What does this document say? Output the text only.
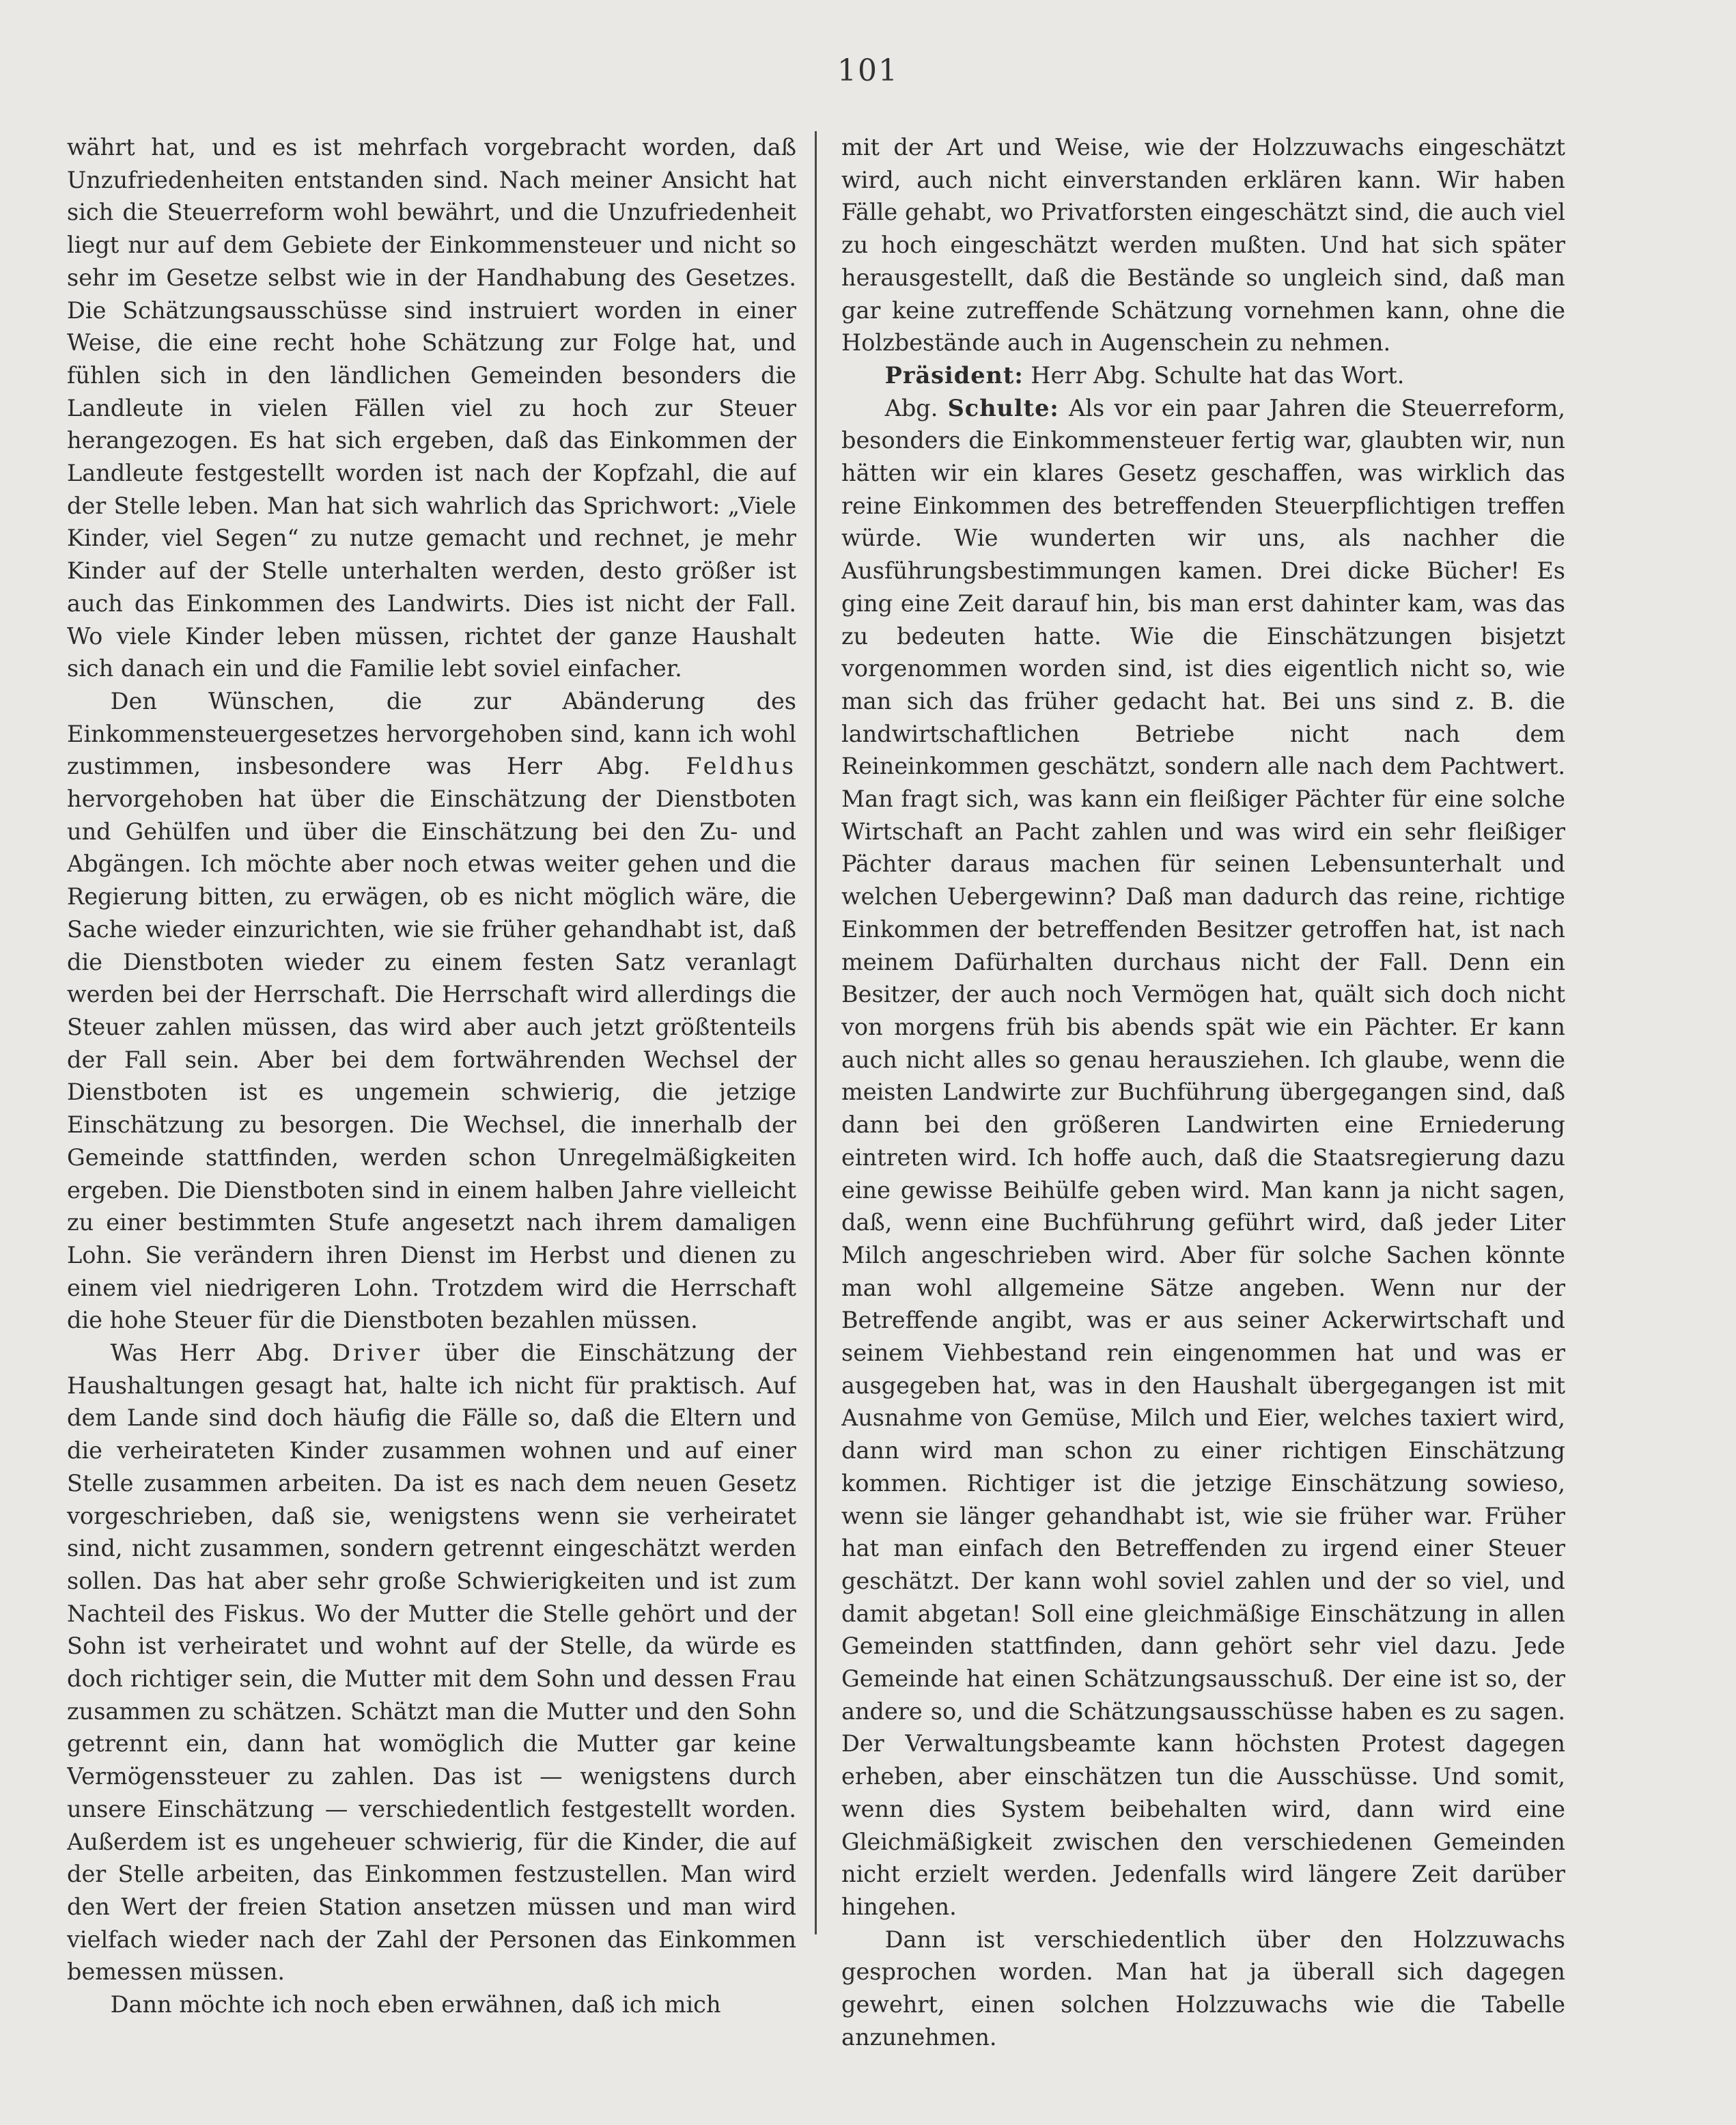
101

währt hat, und es ist mehrfach vorgebracht worden, daß Unzufriedenheiten entstanden sind. Nach meiner Ansicht hat sich die Steuerreform wohl bewährt, und die Unzufriedenheit liegt nur auf dem Gebiete der Einkommensteuer und nicht so sehr im Gesetze selbst wie in der Handhabung des Gesetzes. Die Schätzungsausschüsse sind instruiert worden in einer Weise, die eine recht hohe Schätzung zur Folge hat, und fühlen sich in den ländlichen Gemeinden besonders die Landleute in vielen Fällen viel zu hoch zur Steuer herangezogen. Es hat sich ergeben, daß das Einkommen der Landleute festgestellt worden ist nach der Kopfzahl, die auf der Stelle leben. Man hat sich wahrlich das Sprichwort: „Viele Kinder, viel Segen“ zu nutze gemacht und rechnet, je mehr Kinder auf der Stelle unterhalten werden, desto größer ist auch das Einkommen des Landwirts. Dies ist nicht der Fall. Wo viele Kinder leben müssen, richtet der ganze Haushalt sich danach ein und die Familie lebt soviel einfacher.

Den Wünschen, die zur Abänderung des Einkommensteuergesetzes hervorgehoben sind, kann ich wohl zustimmen, insbesondere was Herr Abg. Feldhus hervorgehoben hat über die Einschätzung der Dienstboten und Gehülfen und über die Einschätzung bei den Zu- und Abgängen. Ich möchte aber noch etwas weiter gehen und die Regierung bitten, zu erwägen, ob es nicht möglich wäre, die Sache wieder einzurichten, wie sie früher gehandhabt ist, daß die Dienstboten wieder zu einem festen Satz veranlagt werden bei der Herrschaft. Die Herrschaft wird allerdings die Steuer zahlen müssen, das wird aber auch jetzt größtenteils der Fall sein. Aber bei dem fortwährenden Wechsel der Dienstboten ist es ungemein schwierig, die jetzige Einschätzung zu besorgen. Die Wechsel, die innerhalb der Gemeinde stattfinden, werden schon Unregelmäßigkeiten ergeben. Die Dienstboten sind in einem halben Jahre vielleicht zu einer bestimmten Stufe angesetzt nach ihrem damaligen Lohn. Sie verändern ihren Dienst im Herbst und dienen zu einem viel niedrigeren Lohn. Trotzdem wird die Herrschaft die hohe Steuer für die Dienstboten bezahlen müssen.

Was Herr Abg. Driver über die Einschätzung der Haushaltungen gesagt hat, halte ich nicht für praktisch. Auf dem Lande sind doch häufig die Fälle so, daß die Eltern und die verheirateten Kinder zusammen wohnen und auf einer Stelle zusammen arbeiten. Da ist es nach dem neuen Gesetz vorgeschrieben, daß sie, wenigstens wenn sie verheiratet sind, nicht zusammen, sondern getrennt eingeschätzt werden sollen. Das hat aber sehr große Schwierigkeiten und ist zum Nachteil des Fiskus. Wo der Mutter die Stelle gehört und der Sohn ist verheiratet und wohnt auf der Stelle, da würde es doch richtiger sein, die Mutter mit dem Sohn und dessen Frau zusammen zu schätzen. Schätzt man die Mutter und den Sohn getrennt ein, dann hat womöglich die Mutter gar keine Vermögenssteuer zu zahlen. Das ist — wenigstens durch unsere Einschätzung — verschiedentlich festgestellt worden. Außerdem ist es ungeheuer schwierig, für die Kinder, die auf der Stelle arbeiten, das Einkommen festzustellen. Man wird den Wert der freien Station ansetzen müssen und man wird vielfach wieder nach der Zahl der Personen das Einkommen bemessen müssen.

Dann möchte ich noch eben erwähnen, daß ich mich

mit der Art und Weise, wie der Holzzuwachs eingeschätzt wird, auch nicht einverstanden erklären kann. Wir haben Fälle gehabt, wo Privatforsten eingeschätzt sind, die auch viel zu hoch eingeschätzt werden mußten. Und hat sich später herausgestellt, daß die Bestände so ungleich sind, daß man gar keine zutreffende Schätzung vornehmen kann, ohne die Holzbestände auch in Augenschein zu nehmen.

Präsident: Herr Abg. Schulte hat das Wort.

Abg. Schulte: Als vor ein paar Jahren die Steuerreform, besonders die Einkommensteuer fertig war, glaubten wir, nun hätten wir ein klares Gesetz geschaffen, was wirklich das reine Einkommen des betreffenden Steuerpflichtigen treffen würde. Wie wunderten wir uns, als nachher die Ausführungsbestimmungen kamen. Drei dicke Bücher! Es ging eine Zeit darauf hin, bis man erst dahinter kam, was das zu bedeuten hatte. Wie die Einschätzungen bisjetzt vorgenommen worden sind, ist dies eigentlich nicht so, wie man sich das früher gedacht hat. Bei uns sind z. B. die landwirtschaftlichen Betriebe nicht nach dem Reineinkommen geschätzt, sondern alle nach dem Pachtwert. Man fragt sich, was kann ein fleißiger Pächter für eine solche Wirtschaft an Pacht zahlen und was wird ein sehr fleißiger Pächter daraus machen für seinen Lebensunterhalt und welchen Uebergewinn? Daß man dadurch das reine, richtige Einkommen der betreffenden Besitzer getroffen hat, ist nach meinem Dafürhalten durchaus nicht der Fall. Denn ein Besitzer, der auch noch Vermögen hat, quält sich doch nicht von morgens früh bis abends spät wie ein Pächter. Er kann auch nicht alles so genau herausziehen. Ich glaube, wenn die meisten Landwirte zur Buchführung übergegangen sind, daß dann bei den größeren Landwirten eine Erniederung eintreten wird. Ich hoffe auch, daß die Staatsregierung dazu eine gewisse Beihülfe geben wird. Man kann ja nicht sagen, daß, wenn eine Buchführung geführt wird, daß jeder Liter Milch angeschrieben wird. Aber für solche Sachen könnte man wohl allgemeine Sätze angeben. Wenn nur der Betreffende angibt, was er aus seiner Ackerwirtschaft und seinem Viehbestand rein eingenommen hat und was er ausgegeben hat, was in den Haushalt übergegangen ist mit Ausnahme von Gemüse, Milch und Eier, welches taxiert wird, dann wird man schon zu einer richtigen Einschätzung kommen. Richtiger ist die jetzige Einschätzung sowieso, wenn sie länger gehandhabt ist, wie sie früher war. Früher hat man einfach den Betreffenden zu irgend einer Steuer geschätzt. Der kann wohl soviel zahlen und der so viel, und damit abgetan! Soll eine gleichmäßige Einschätzung in allen Gemeinden stattfinden, dann gehört sehr viel dazu. Jede Gemeinde hat einen Schätzungsausschuß. Der eine ist so, der andere so, und die Schätzungsausschüsse haben es zu sagen. Der Verwaltungsbeamte kann höchsten Protest dagegen erheben, aber einschätzen tun die Ausschüsse. Und somit, wenn dies System beibehalten wird, dann wird eine Gleichmäßigkeit zwischen den verschiedenen Gemeinden nicht erzielt werden. Jedenfalls wird längere Zeit darüber hingehen.

Dann ist verschiedentlich über den Holzzuwachs gesprochen worden. Man hat ja überall sich dagegen gewehrt, einen solchen Holzzuwachs wie die Tabelle anzunehmen.
